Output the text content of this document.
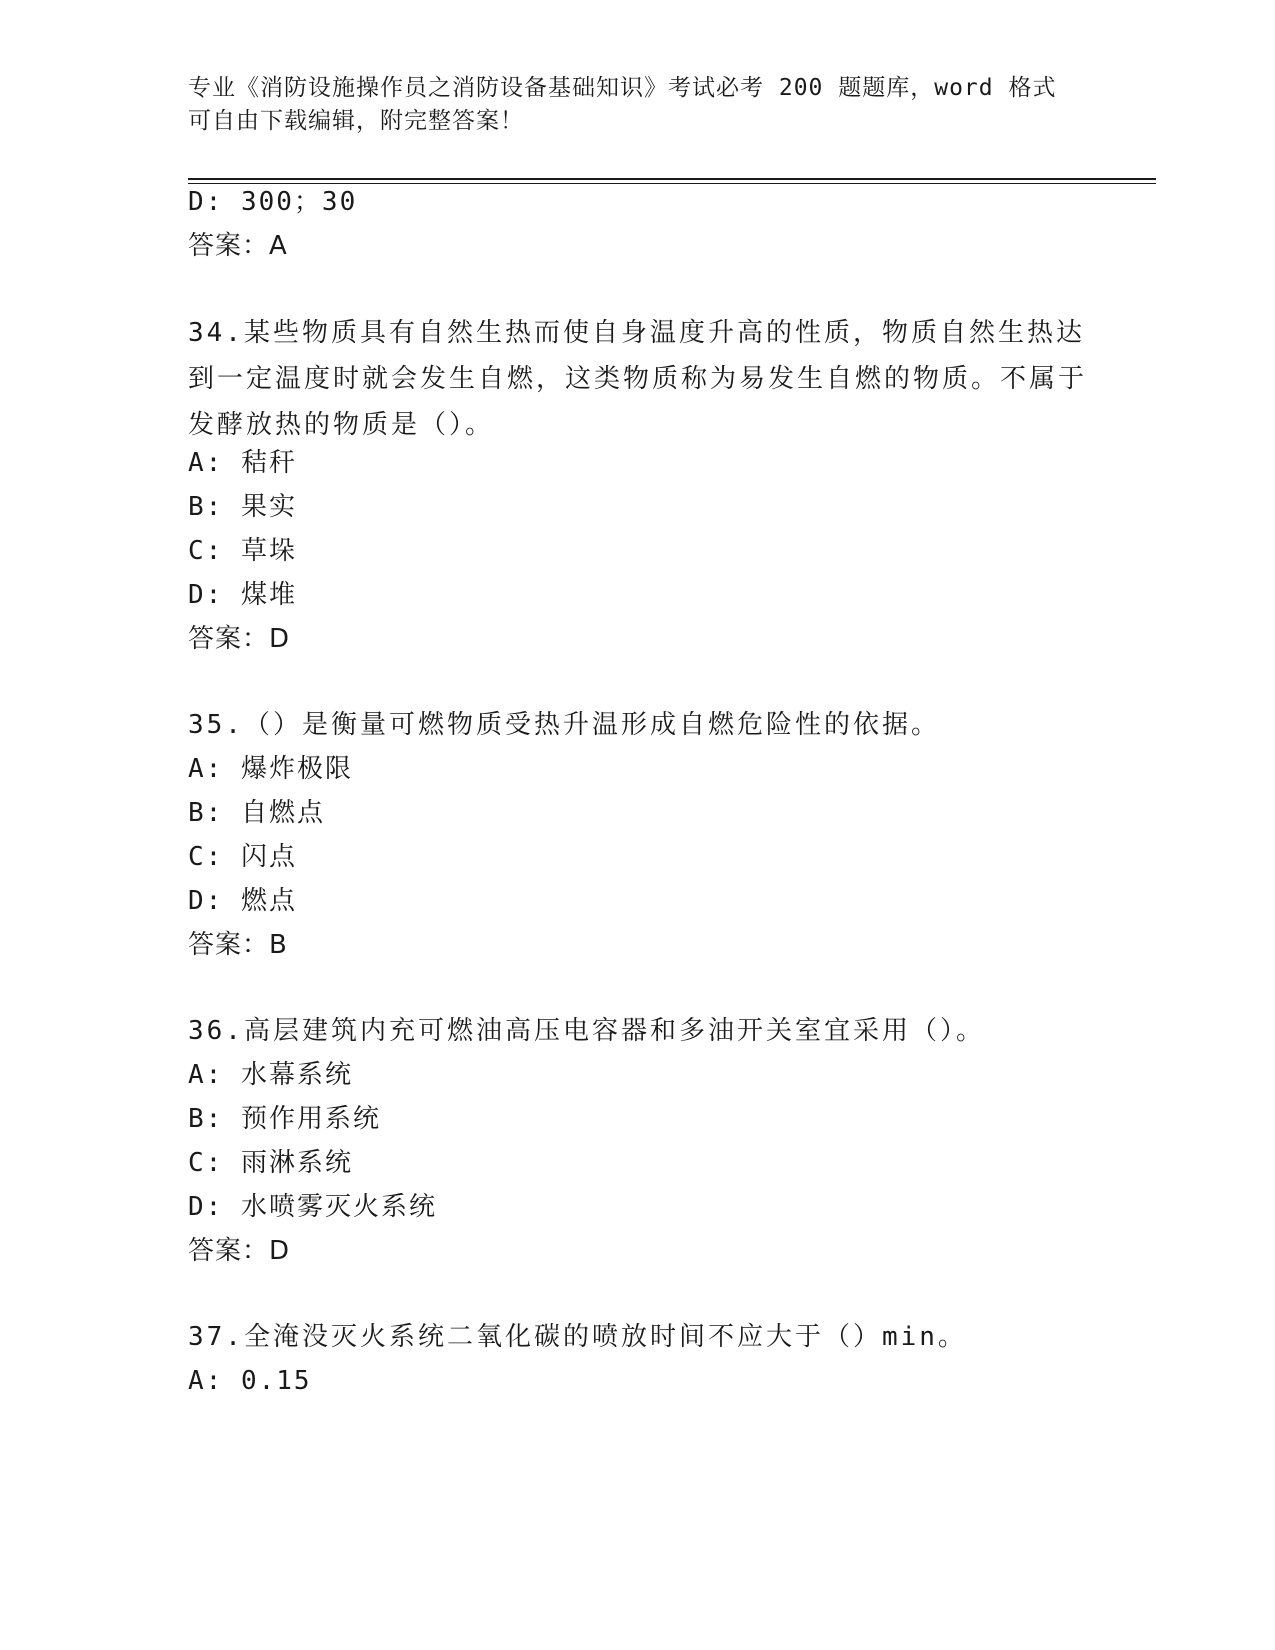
专业《消防设施操作员之消防设备基础知识》考试必考 200 题题库，word 格式可自由下载编辑，附完整答案！
D: 300；30
答案：A
34.某些物质具有自然生热而使自身温度升高的性质，物质自然生热达到一定温度时就会发生自燃，这类物质称为易发生自燃的物质。不属于发酵放热的物质是（）。
A: 秸秆
B: 果实
C: 草垛
D: 煤堆
答案：D
35.（）是衡量可燃物质受热升温形成自燃危险性的依据。
A: 爆炸极限
B: 自燃点
C: 闪点
D: 燃点
答案：B
36.高层建筑内充可燃油高压电容器和多油开关室宜采用（）。
A: 水幕系统
B: 预作用系统
C: 雨淋系统
D: 水喷雾灭火系统
答案：D
37.全淹没灭火系统二氧化碳的喷放时间不应大于（）min。
A: 0.15
